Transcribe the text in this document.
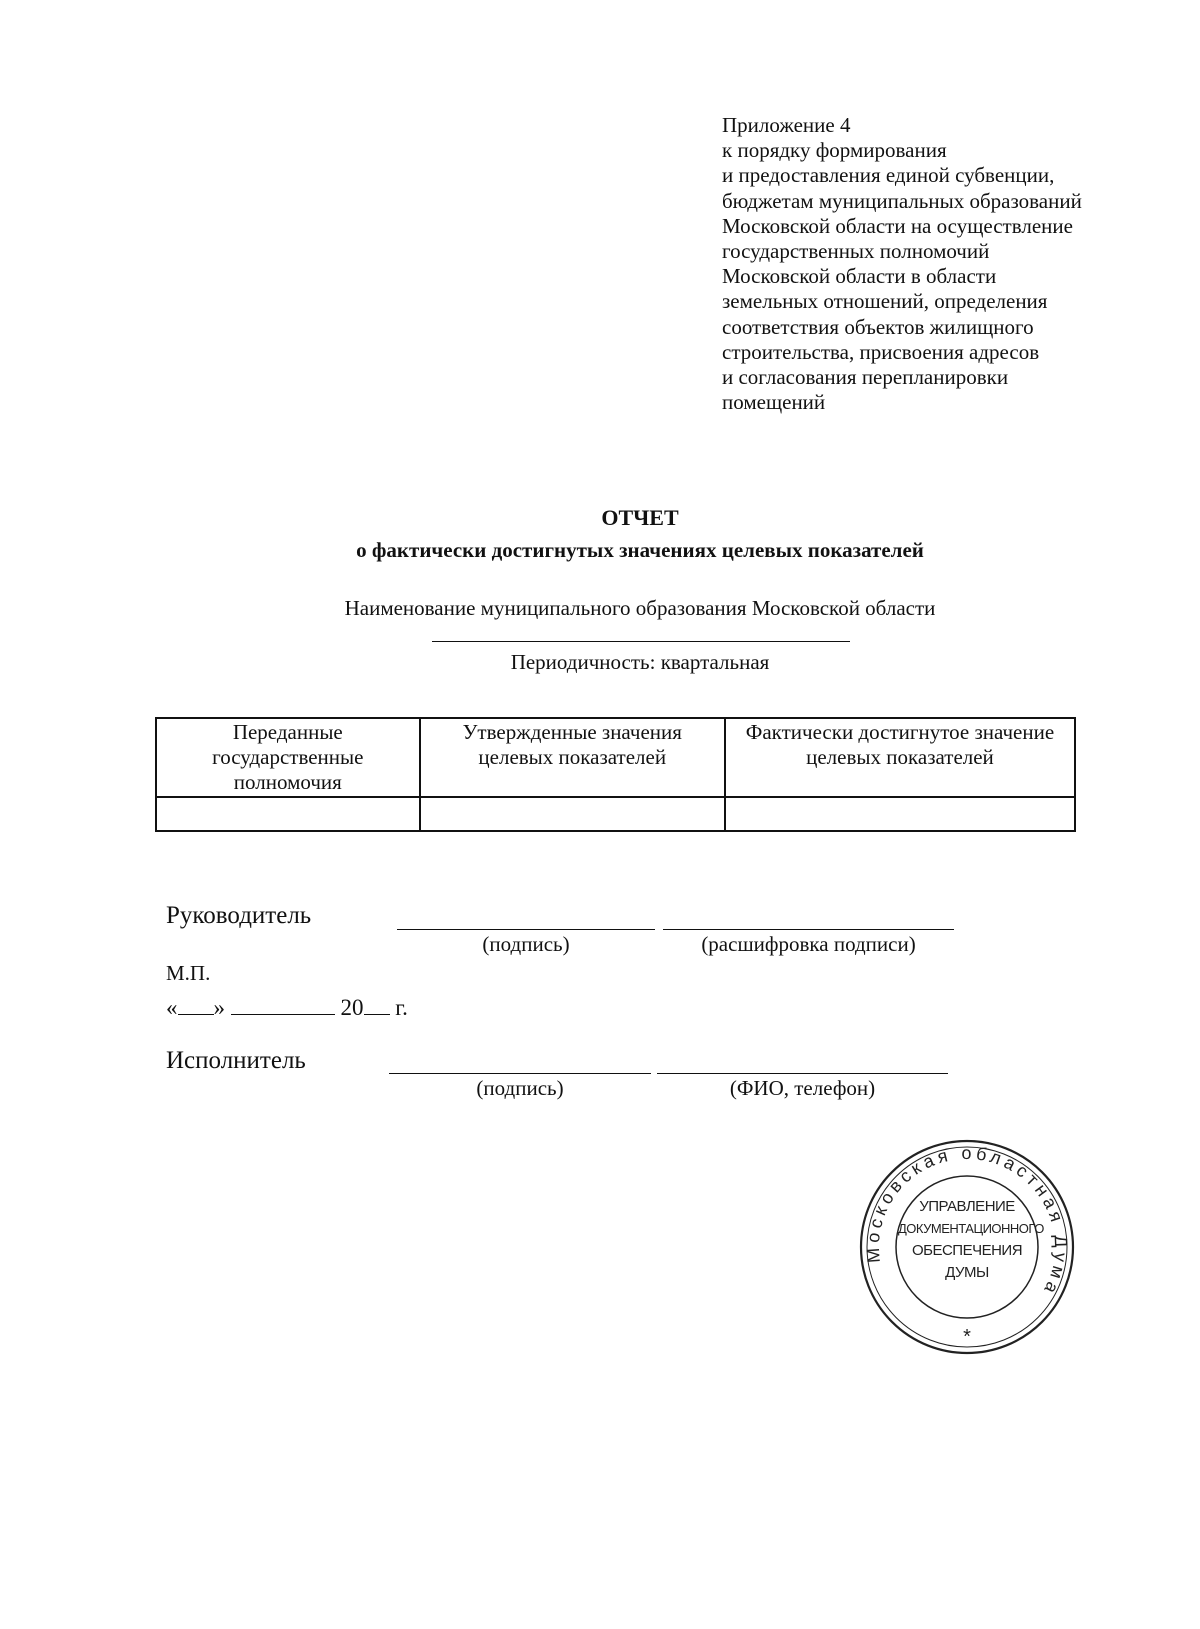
Приложение 4
к порядку формирования
и предоставления единой субвенции,
бюджетам муниципальных образований
Московской области на осуществление
государственных полномочий
Московской области в области
земельных отношений, определения
соответствия объектов жилищного
строительства, присвоения адресов
и согласования перепланировки
помещений
ОТЧЕТ
о фактически достигнутых значениях целевых показателей
Наименование муниципального образования Московской области
Периодичность: квартальная
Переданные государственные полномочия	Утвержденные значения целевых показателей	Фактически достигнутое значение целевых показателей

Руководитель
(подпись)	(расшифровка подписи)
М.П.
« »	20 г.
Исполнитель
(подпись)	(ФИО, телефон)
Московская областная Дума
*
УПРАВЛЕНИЕ
ДОКУМЕНТАЦИОННОГО
ОБЕСПЕЧЕНИЯ
ДУМЫ
